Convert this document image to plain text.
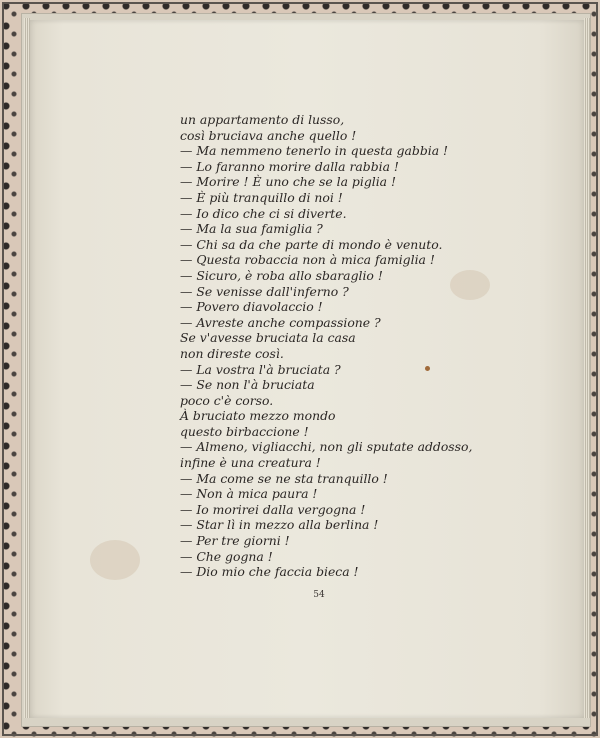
un appartamento di lusso,
così bruciava anche quello !
— Ma nemmeno tenerlo in questa gabbia !
— Lo faranno morire dalla rabbia !
— Morire ! È uno che se la piglia !
— È più tranquillo di noi !
— Io dico che ci si diverte.
— Ma la sua famiglia ?
— Chi sa da che parte di mondo è venuto.
— Questa robaccia non à mica famiglia !
— Sicuro, è roba allo sbaraglio !
— Se venisse dall'inferno ?
— Povero diavolaccio !
— Avreste anche compassione ?
Se v'avesse bruciata la casa
non direste così.
— La vostra l'à bruciata ?
— Se non l'à bruciata
poco c'è corso.
À bruciato mezzo mondo
questo birbaccione !
— Almeno, vigliacchi, non gli sputate addosso,
infine è una creatura !
— Ma come se ne sta tranquillo !
— Non à mica paura !
— Io morirei dalla vergogna !
— Star lì in mezzo alla berlina !
— Per tre giorni !
— Che gogna !
— Dio mio che faccia bieca !
54
